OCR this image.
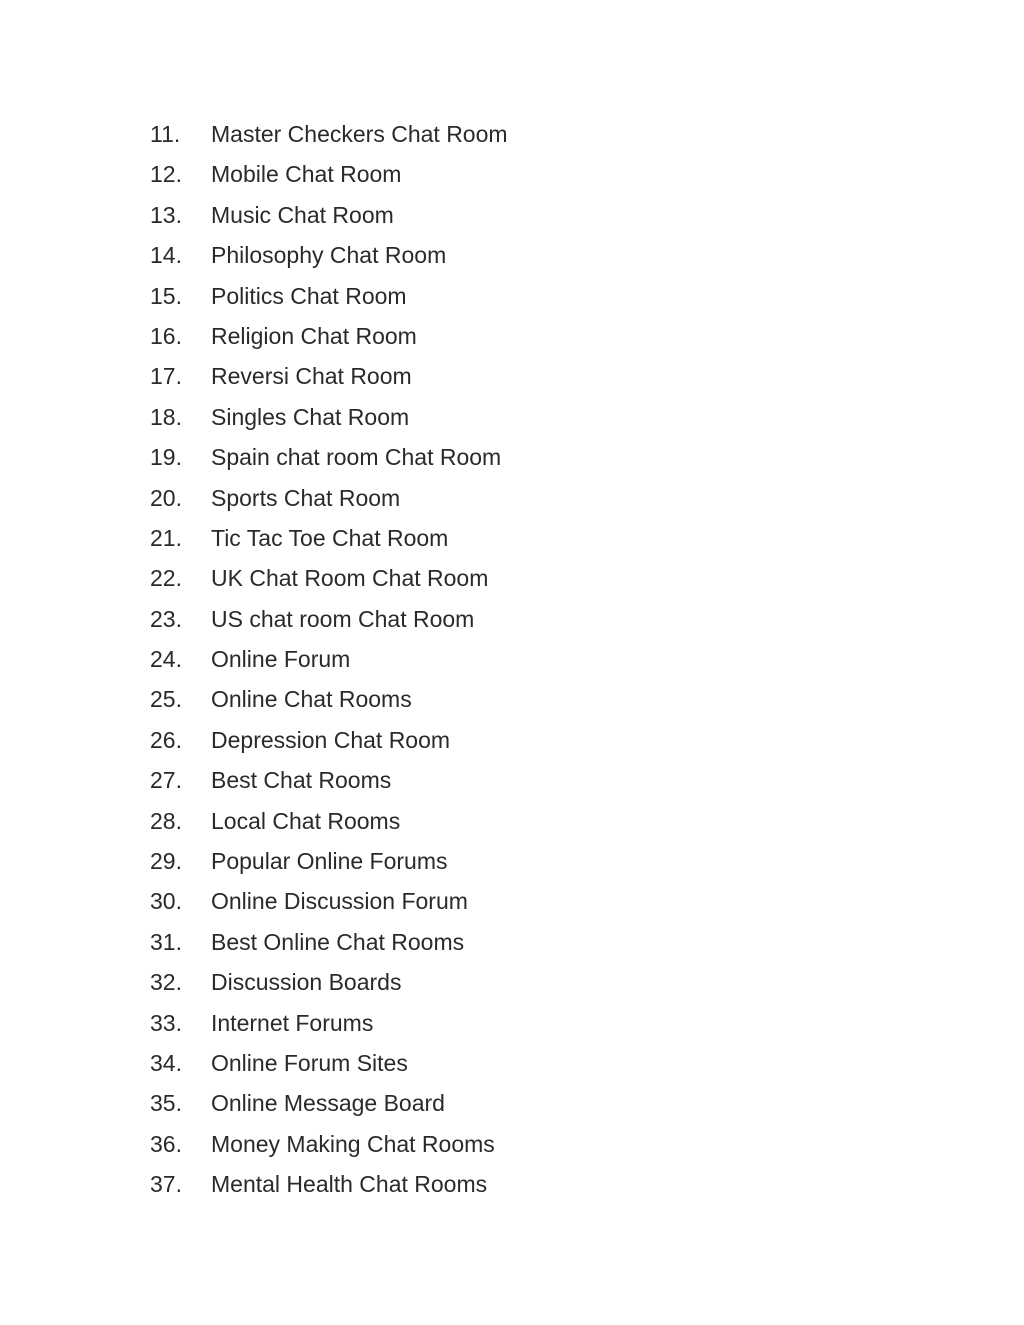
11.	Master Checkers Chat Room
12.	Mobile Chat Room
13.	Music Chat Room
14.	Philosophy Chat Room
15.	Politics Chat Room
16.	Religion Chat Room
17.	Reversi Chat Room
18.	Singles Chat Room
19.	Spain chat room Chat Room
20.	Sports Chat Room
21.	Tic Tac Toe Chat Room
22.	UK Chat Room Chat Room
23.	US chat room Chat Room
24.	Online Forum
25.	Online Chat Rooms
26.	Depression Chat Room
27.	Best Chat Rooms
28.	Local Chat Rooms
29.	Popular Online Forums
30.	Online Discussion Forum
31.	Best Online Chat Rooms
32.	Discussion Boards
33.	Internet Forums
34.	Online Forum Sites
35.	Online Message Board
36.	Money Making Chat Rooms
37.	Mental Health Chat Rooms
